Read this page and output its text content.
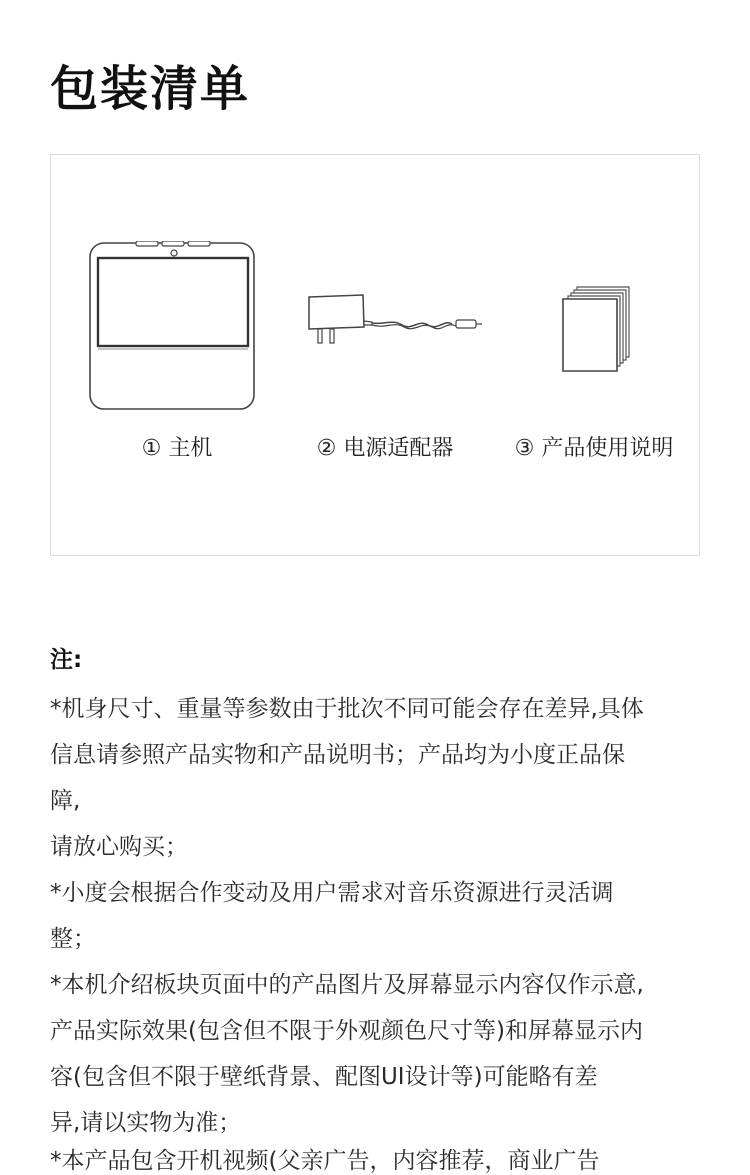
包装清单
① 主机	② 电源适配器	③ 产品使用说明

注:

*机身尺寸、重量等参数由于批次不同可能会存在差异,具体

信息请参照产品实物和产品说明书；产品均为小度正品保

障,

请放心购买；

*小度会根据合作变动及用户需求对音乐资源进行灵活调

整；

*本机介绍板块页面中的产品图片及屏幕显示内容仅作示意,

产品实际效果(包含但不限于外观颜色尺寸等)和屏幕显示内

容(包含但不限于壁纸背景、配图UI设计等)可能略有差

异,请以实物为准；

*本产品包含开机视频(父亲广告，内容推荐，商业广告
